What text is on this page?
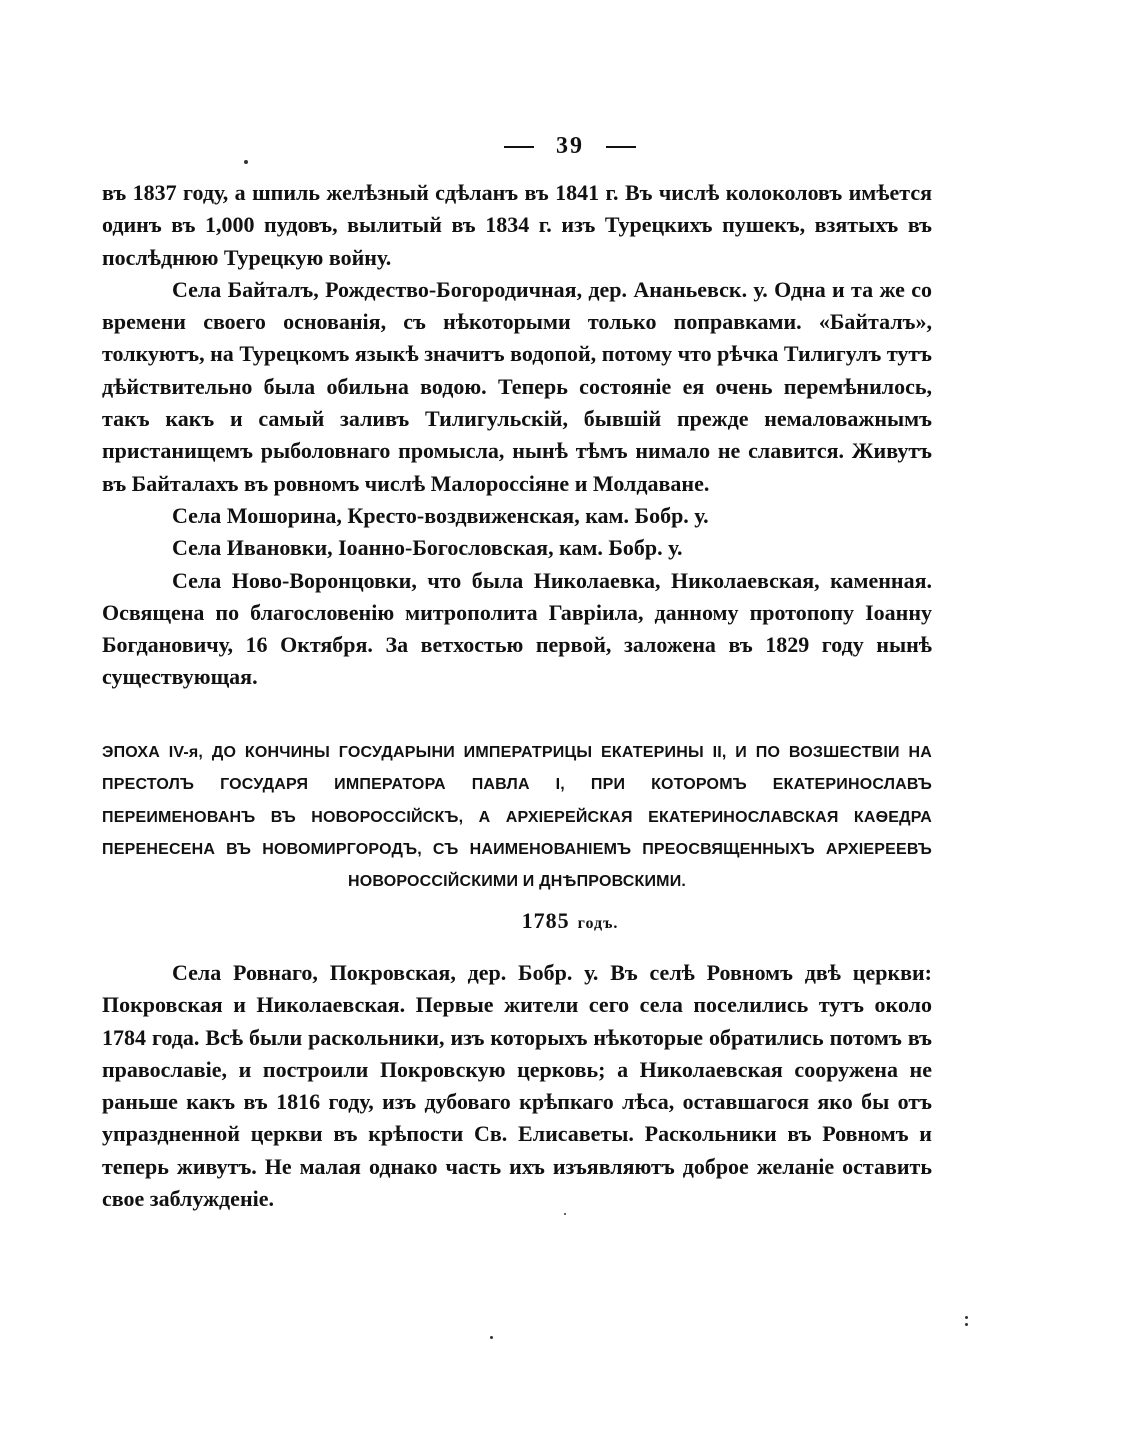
39

въ 1837 году, а шпиль желѣзный сдѣланъ въ 1841 г. Въ числѣ колоколовъ имѣется одинъ въ 1,000 пудовъ, вылитый въ 1834 г. изъ Турецкихъ пушекъ, взятыхъ въ послѣднюю Турецкую войну.

Села Байталъ, Рождество-Богородичная, дер. Ананьевск. у. Одна и та же со времени своего основанія, съ нѣкоторыми только поправками. «Байталъ», толкуютъ, на Турецкомъ языкѣ значитъ водопой, потому что рѣчка Тилигулъ тутъ дѣйствительно была обильна водою. Теперь состояніе ея очень перемѣнилось, такъ какъ и самый заливъ Тилигульскій, бывшій прежде немаловажнымъ пристанищемъ рыболовнаго промысла, нынѣ тѣмъ нимало не славится. Живутъ въ Байталахъ въ ровномъ числѣ Малороссіяне и Молдаване.

Села Мошорина, Кресто-воздвиженская, кам. Бобр. у.

Села Ивановки, Іоанно-Богословская, кам. Бобр. у.

Села Ново-Воронцовки, что была Николаевка, Николаевская, каменная. Освящена по благословенію митрополита Гавріила, данному протопопу Іоанну Богдановичу, 16 Октября. За ветхостью первой, заложена въ 1829 году нынѣ существующая.

ЭПОХА IV-я, ДО КОНЧИНЫ ГОСУДАРЫНИ ИМПЕРАТРИЦЫ ЕКАТЕРИНЫ II, И ПО ВОЗШЕСТВІИ НА ПРЕСТОЛЪ ГОСУДАРЯ ИМПЕРАТОРА ПАВЛА I, ПРИ КОТОРОМЪ ЕКАТЕРИНОСЛАВЪ ПЕРЕИМЕНОВАНЪ ВЪ НОВОРОССІЙСКЪ, А АРХІЕРЕЙСКАЯ ЕКАТЕРИНОСЛАВСКАЯ КАѲЕДРА ПЕРЕНЕСЕНА ВЪ НОВОМИРГОРОДЪ, СЪ НАИМЕНОВАНІЕМЪ ПРЕОСВЯЩЕННЫХЪ АРХІЕРЕЕВЪ НОВОРОССІЙСКИМИ И ДНѢПРОВСКИМИ.
1785 годъ.

Села Ровнаго, Покровская, дер. Бобр. у. Въ селѣ Ровномъ двѣ церкви: Покровская и Николаевская. Первые жители сего села поселились тутъ около 1784 года. Всѣ были раскольники, изъ которыхъ нѣкоторые обратились потомъ въ православіе, и построили Покровскую церковь; а Николаевская сооружена не раньше какъ въ 1816 году, изъ дубоваго крѣпкаго лѣса, оставшагося яко бы отъ упраздненной церкви въ крѣпости Св. Елисаветы. Раскольники въ Ровномъ и теперь живутъ. Не малая однако часть ихъ изъявляютъ доброе желаніе оставить свое заблужденіе.
